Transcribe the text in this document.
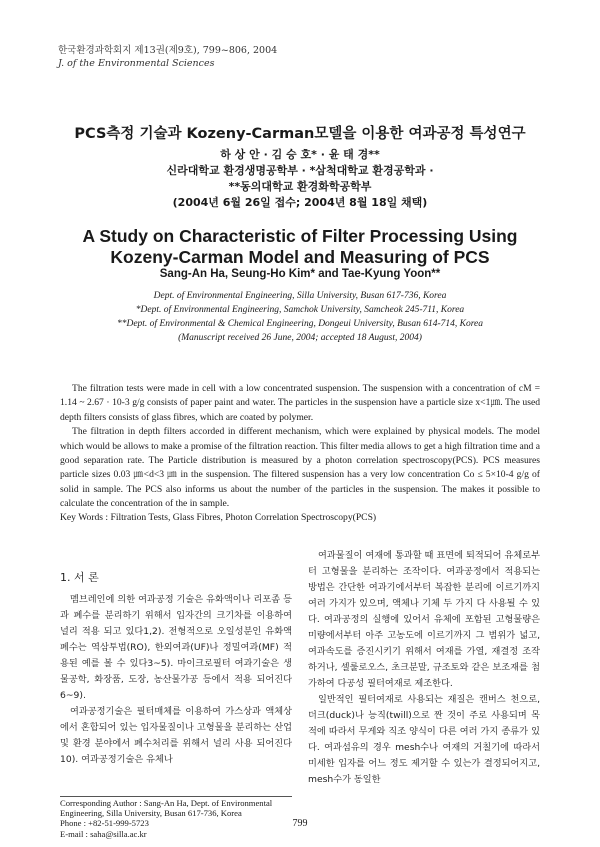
한국환경과학회지 제13권(제9호), 799~806, 2004
J. of the Environmental Sciences
PCS측정 기술과 Kozeny-Carman모델을 이용한 여과공정 특성연구
하 상 안 · 김 승 호* · 윤 태 경**
신라대학교 환경생명공학부 · *삼척대학교 환경공학과 ·
**동의대학교 환경화학공학부
(2004년 6월 26일 접수; 2004년 8월 18일 채택)
A Study on Characteristic of Filter Processing Using
Kozeny-Carman Model and Measuring of PCS
Sang-An Ha, Seung-Ho Kim* and Tae-Kyung Yoon**
Dept. of Environmental Engineering, Silla University, Busan 617-736, Korea
*Dept. of Environmental Engineering, Samchok University, Samcheok 245-711, Korea
**Dept. of Environmental & Chemical Engineering, Dongeui University, Busan 614-714, Korea
(Manuscript received 26 June, 2004; accepted 18 August, 2004)

The filtration tests were made in cell with a low concentrated suspension. The suspension with a concentration of cM = 1.14 ~ 2.67 · 10-3 g/g consists of paper paint and water. The particles in the suspension have a particle size x<1㎛. The used depth filters consists of glass fibres, which are coated by polymer.

The filtration in depth filters accorded in different mechanism, which were explained by physical models. The model which would be allows to make a promise of the filtration reaction. This filter media allows to get a high filtration time and a good separation rate. The Particle distribution is measured by a photon correlation spectroscopy(PCS). PCS measures particle sizes 0.03 ㎛<d<3 ㎛ in the suspension. The filtered suspension has a very low concentration Co ≤ 5×10-4 g/g of solid in sample. The PCS also informs us about the number of the particles in the suspension. The makes it possible to calculate the concentration of the in sample.

Key Words : Filtration Tests, Glass Fibres, Photon Correlation Spectroscopy(PCS)
1. 서 론

멤브레인에 의한 여과공정 기술은 유화액이나 리포좀 등과 폐수를 분리하기 위해서 입자간의 크기차를 이용하여 널리 적용 되고 있다1,2). 전형적으로 오일성분인 유화액 폐수는 역삼투법(RO), 한외여과(UF)나 정밀여과(MF) 적용된 예를 볼 수 있다3~5). 마이크로필터 여과기술은 생물공학, 화장품, 도장, 농산물가공 등에서 적용 되어진다6~9).

여과공정기술은 필터매체를 이용하여 가스상과 액체상에서 혼합되어 있는 입자물질이나 고형물을 분리하는 산업 및 환경 분야에서 폐수처리를 위해서 널리 사용 되어진다10). 여과공정기술은 유체나

여과물질이 여재에 통과할 때 표면에 퇴적되어 유체로부터 고형물을 분리하는 조작이다. 여과공정에서 적용되는 방법은 간단한 여과기에서부터 복잡한 분리에 이르기까지 여러 가지가 있으며, 액체나 기체 두 가지 다 사용될 수 있다. 여과공정의 실행에 있어서 유체에 포함된 고형물량은 미량에서부터 아주 고농도에 이르기까지 그 범위가 넓고, 여과속도를 증진시키기 위해서 여재를 가열, 재결정 조작하거나, 셀룰로오스, 초크분말, 규조토와 같은 보조재를 첨가하여 다공성 필터여재로 제조한다.

일반적인 필터여재로 사용되는 재질은 캔버스 천으로, 더크(duck)나 능직(twill)으로 짠 것이 주로 사용되며 목적에 따라서 무게와 직조 양식이 다른 여러 가지 종류가 있다. 여과섬유의 경우 mesh수나 여재의 거칠기에 따라서 미세한 입자를 어느 정도 제거할 수 있는가 결정되어지고, mesh수가 동일한

Corresponding Author : Sang-An Ha, Dept. of Environmental Engineering, Silla University, Busan 617-736, Korea
Phone : +82-51-999-5723
E-mail : saha@silla.ac.kr
799
